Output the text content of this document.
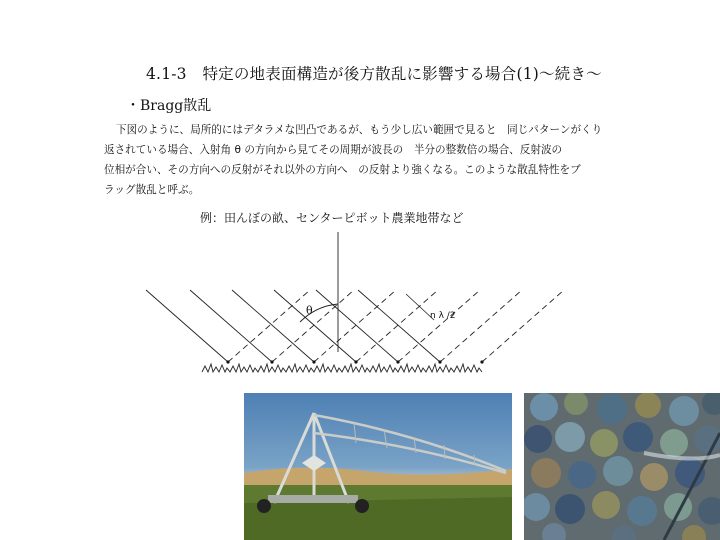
4.1-3　特定の地表面構造が後方散乱に影響する場合(1)～続き～
・Bragg散乱
下図のように、局所的にはデタラメな凹凸であるが、もう少し広い範囲で見ると　同じパターンがくり
返されている場合、入射角 θ の方向から見てその周期が波長の　半分の整数倍の場合、反射波の
位相が合い、その方向への反射がそれ以外の方向へ　の反射より強くなる。このような散乱特性をブ
ラッグ散乱と呼ぶ。
例：田んぼの畝、センターピボット農業地帯など
θ	n λ /2
